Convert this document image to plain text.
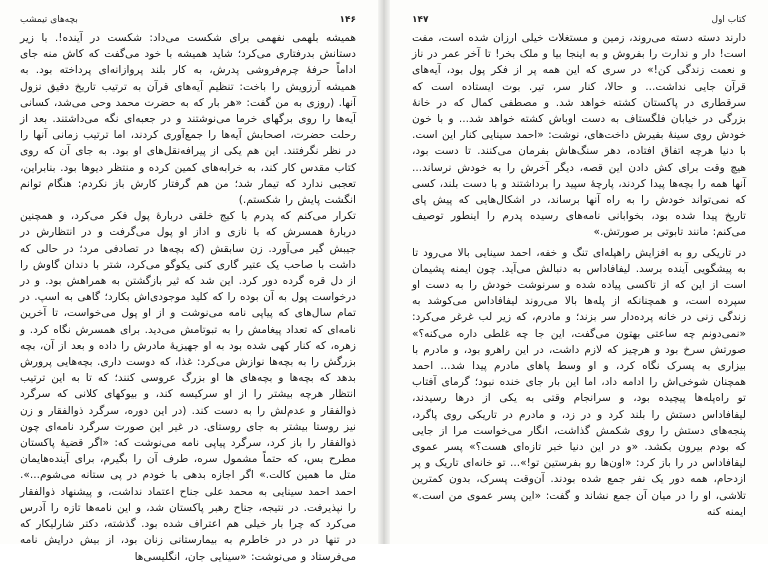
۱۴۶
بچه‌های تیمشب

همیشه بلهمی نفهمی برای شکست می‌داد: شکست در آینده!. با زیر دستانش بدرفتاری می‌کرد؛ شاید همیشه با خود می‌گفت که کاش منه جای اداماً حرفهٔ چرم‌فروشی پدرش، به کار بلند پروازانه‌ای پرداخته بود. به همیشه آرزویش را باخت: تنظیم آیه‌های قرآن به ترتیب تاریخ دقیق نزول آنها. (روزی به من گفت: «هر بار که به حضرت محمد وحی می‌شد، کسانی آیه‌ها را روی برگهای خرما می‌نوشتند و در جعبه‌ای نگه می‌داشتند. بعد از رحلت حضرت، اصحابش آیه‌ها را جمع‌آوری کردند، اما ترتیب زمانی آنها را در نظر نگرفتند. این هم یکی از پیرافه‌نقل‌های او بود. به جای آن که روی کتاب مقدس کار کند، به خرابه‌های کمین کرده و منتظر دیوها بود. بنابراین، تعجبی ندارد که تیمار شد؛ من هم گرفتار کارش باز نکردم: هنگام توانم انگشت پایش را شکستم.)

تکرار می‌کنم که پدرم با کیج خلقی دربارهٔ پول فکر می‌کرد، و همچنین دربارهٔ همسرش که با نازی و اداز او پول می‌گرفت و در انتظارش در جیبش گیر می‌آورد. زن سابقش (که بچه‌ها در تصادفی مرد؛ در حالی که داشت با صاحب یک عتیر گاری کنی یکوگو می‌کرد، شتر با دندان گاوش را از دل قره گرده دور کرد. این شد که ثیر بازگشتن به همراهش بود. و در درخواست پول به آن بوده را که کلید موجودی‌اش بکارد؛ گاهی به اسپ. در تمام سال‌های که پیاپی نامه می‌نوشت و از او پول می‌خواست، تا آخرین نامه‌ای که تعداد پیغامش را به تبوتامش می‌دید. برای همسرش نگاه کرد. و زهره، که کنار کهی شده بود به او جهیزیهٔ مادرش را داده و بعد از آن، بچه بزرگش را به بچه‌ها نوازش می‌کرد: غذا، که دوست داری. بچه‌هایی پرورش بدهد که بچه‌ها و بچه‌های ها او بزرگ عروسی کنند؛ که تا به این ترتیب انتظار هرچه بیشتر را از او سرکیسه کند، و بیوکهای کلانی که سرگرد ذوالفقار و عدم‌لش را به دست کند. (در این دوره، سرگرد ذوالفقار و زن نیز روستا بیشتر به جای روستای. در غیر این صورت سرگرد نامه‌ای چون ذوالفقار را باز کرد، سرگرد پیاپی نامه می‌نوشت که: «اگر قضیهٔ پاکستان مطرح بس، که حتماً مشمول سره، طرف آن را بگیرم، برای آینده‌هایمان متل ما همین کالت.» اگر اجازه بدهی با خودم در پی ستانه می‌شوم...». احمد احمد سینایی به محمد علی جناح اعتماد نداشت، و پیشنهاد ذوالفقار را نپذیرفت. در نتیجه، جناح رهبر پاکستان شد، و این نامه‌ها تازه را آدرس می‌کرد که چرا بار خیلی هم اعتراف شده بود. گذشته، دکتر شارلیکار که در تنها در در در خاطرم به بیمارستانی زنان بود، از بیش درایش نامه می‌فرستاد و می‌نوشت: «سینایی جان، انگلیسی‌ها

کتاب اول
۱۴۷

دارند دسته دسته می‌روند، زمین و مستغلات خیلی ارزان شده است، مفت است! دار و ندارت را بفروش و به اینجا بیا و ملک بخر! تا آخر عمر در ناز و نعمت زندگی کن!» در سری که این همه پر از فکر پول بود، آیه‌های قرآن جایی نداشت... و حالا، کنار سر، تیر. بوت ایستاده است که سرقطاری در پاکستان کشته خواهد شد. و مصطفی کمال که در خانهٔ بزرگی در خیابان فلگستاف به دست اوباش کشته خواهد شد... و با خون خودش روی سینهٔ بفیرش داخت‌های، نوشت: «احمد سینایی کنار این است. با دنیا هرچه اتفاق افتاده، دهر سنگ‌هاش بفرمان می‌کنند. تا دست بود، هیچ وقت برای کش دادن این قصه، دیگر آخرش را به خودش نرساند... آنها همه را بچه‌ها پیدا کردند، پارچهٔ سپید را برداشتند و با دست بلند، کسی که نمی‌تواند خودش را به راه آنها برساند، در اشکال‌هایی که پیش پای تاریخ پیدا شده بود، بخوابانی نامه‌های رسیده پدرم را اینطور توصیف می‌کنم: مانند تابوتی بر صورتش.»

در تاریکی رو به افزایش راهپله‌ای تنگ و خفه، احمد سینایی بالا می‌رود تا به پیشگویی آینده برسد. لیفافاداس به دنبالش می‌آید. چون ایمنه پشیمان است از این که از تاکسی پیاده شده و سرنوشت خودش را به دست او سپرده است، و همچنانکه از پله‌ها بالا می‌روند لیفافاداس می‌کوشد به زندگی زنی در خانه پرده‌دار سر بزند؛ و مادرم، که زیر لب غرغر می‌کرد: «نمی‌دونم چه ساعتی بهتون می‌گفت، این جا چه غلطی داره می‌کنه؟» صورتش سرخ بود و هرچیز که لازم داشت، در این راهرو بود، و مادرم با بیزاری به پسرک نگاه کرد، و او وسط پاهای مادرم پیدا شد... احمد همچنان شوخی‌اش را ادامه داد، اما این بار جای خنده نبود؛ گرمای آفتاب تو راه‌پله‌ها پیچیده بود، و سرانجام وقتی به یکی از درها رسیدند، لیفافاداس دستش را بلند کرد و در زد، و مادرم در تاریکی روی پاگرد، پنجه‌های دستش را روی شکمش گذاشت، انگار می‌خواست مرا از جایی که بودم بیرون بکشد. «و در این دنیا خبر تازه‌ای هست؟» پسر عموی لیفافاداس در را باز کرد: «اون‌ها رو بفرستین تو!»... تو خانه‌ای تاریک و پر ازدحام، همه دور یک نفر جمع شده بودند. آن‌وقت پسرک، بدون کمترین تلاشی، او را در میان آن جمع نشاند و گفت: «این پسر عموی من است.» ایمنه کنه
